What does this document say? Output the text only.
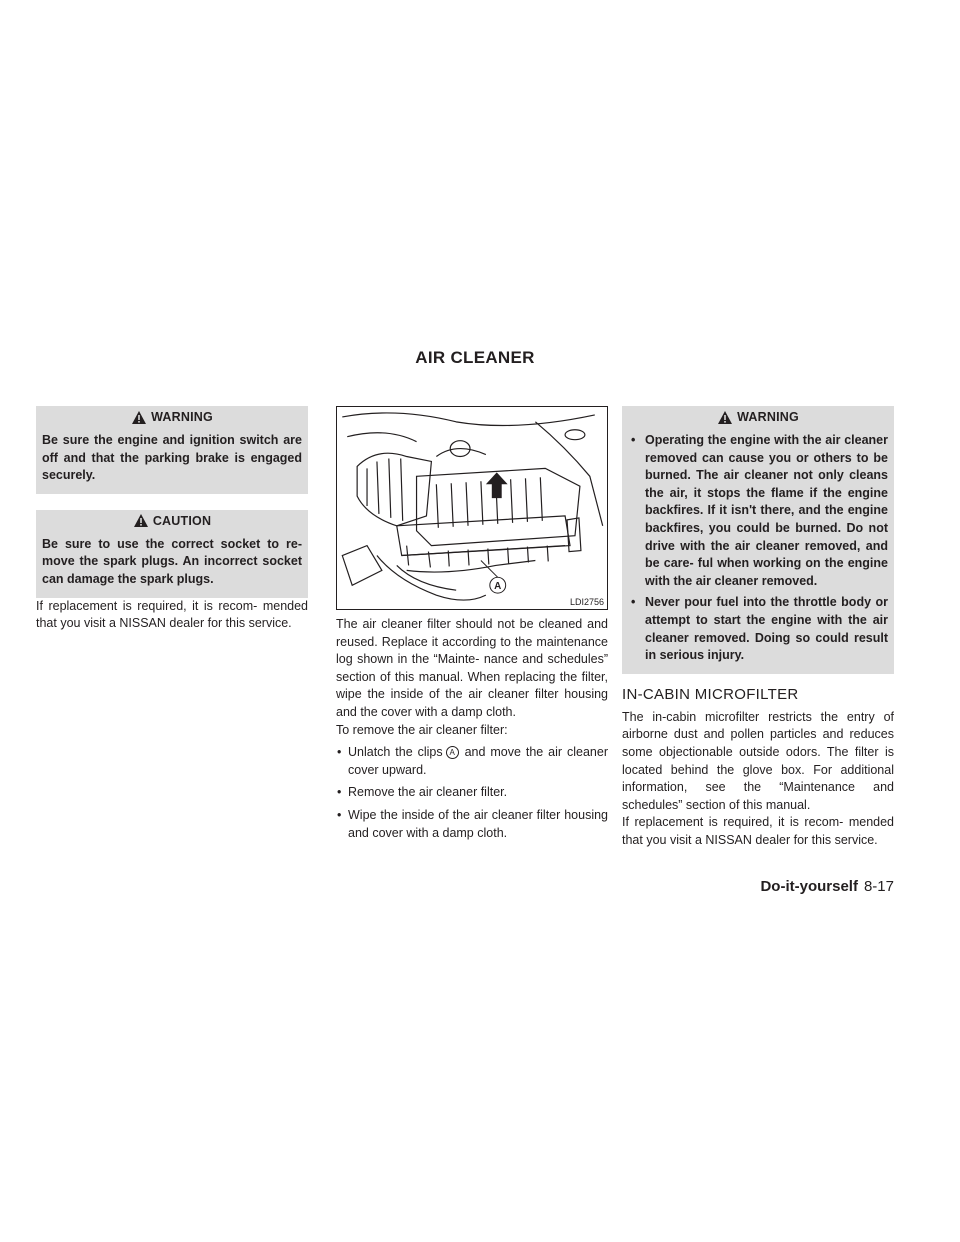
AIR CLEANER
WARNING
Be sure the engine and ignition switch are off and that the parking brake is engaged securely.
CAUTION
Be sure to use the correct socket to re- move the spark plugs. An incorrect socket can damage the spark plugs.

If replacement is required, it is recom- mended that you visit a NISSAN dealer for this service.

A
LDI2756

The air cleaner filter should not be cleaned and reused. Replace it according to the maintenance log shown in the “Mainte- nance and schedules” section of this manual. When replacing the filter, wipe the inside of the air cleaner filter housing and the cover with a damp cloth.

To remove the air cleaner filter:

• Unlatch the clips A and move the air cleaner cover upward.
• Remove the air cleaner filter.
• Wipe the inside of the air cleaner filter housing and cover with a damp cloth.
WARNING
• Operating the engine with the air cleaner removed can cause you or others to be burned. The air cleaner not only cleans the air, it stops the flame if the engine backfires. If it isn't there, and the engine backfires, you could be burned. Do not drive with the air cleaner removed, and be care- ful when working on the engine with the air cleaner removed.
• Never pour fuel into the throttle body or attempt to start the engine with the air cleaner removed. Doing so could result in serious injury.
IN-CABIN MICROFILTER

The in-cabin microfilter restricts the entry of airborne dust and pollen particles and reduces some objectionable outside odors. The filter is located behind the glove box. For additional information, see the “Maintenance and schedules” section of this manual.

If replacement is required, it is recom- mended that you visit a NISSAN dealer for this service.

Do-it-yourself 8-17
